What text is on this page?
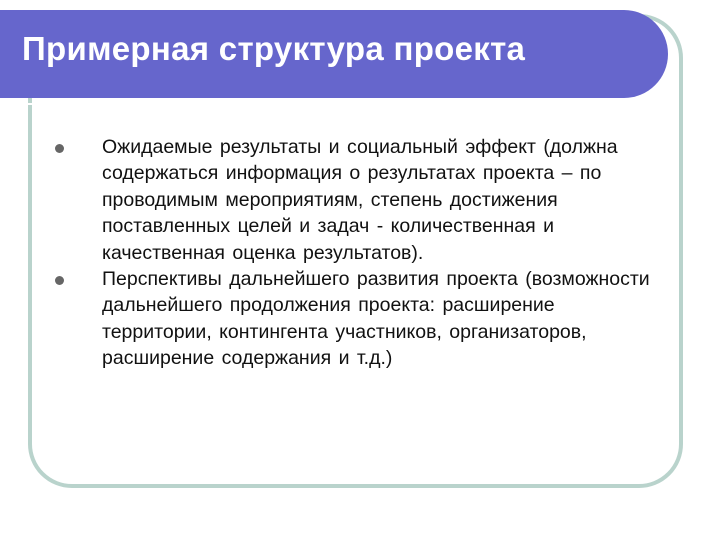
Примерная структура проекта
Ожидаемые результаты и социальный эффект (должна содержаться информация о результатах проекта – по проводимым мероприятиям, степень достижения поставленных целей и задач - количественная и качественная оценка результатов).
Перспективы дальнейшего развития проекта (возможности дальнейшего продолжения проекта: расширение территории, контингента участников, организаторов, расширение содержания и т.д.)
